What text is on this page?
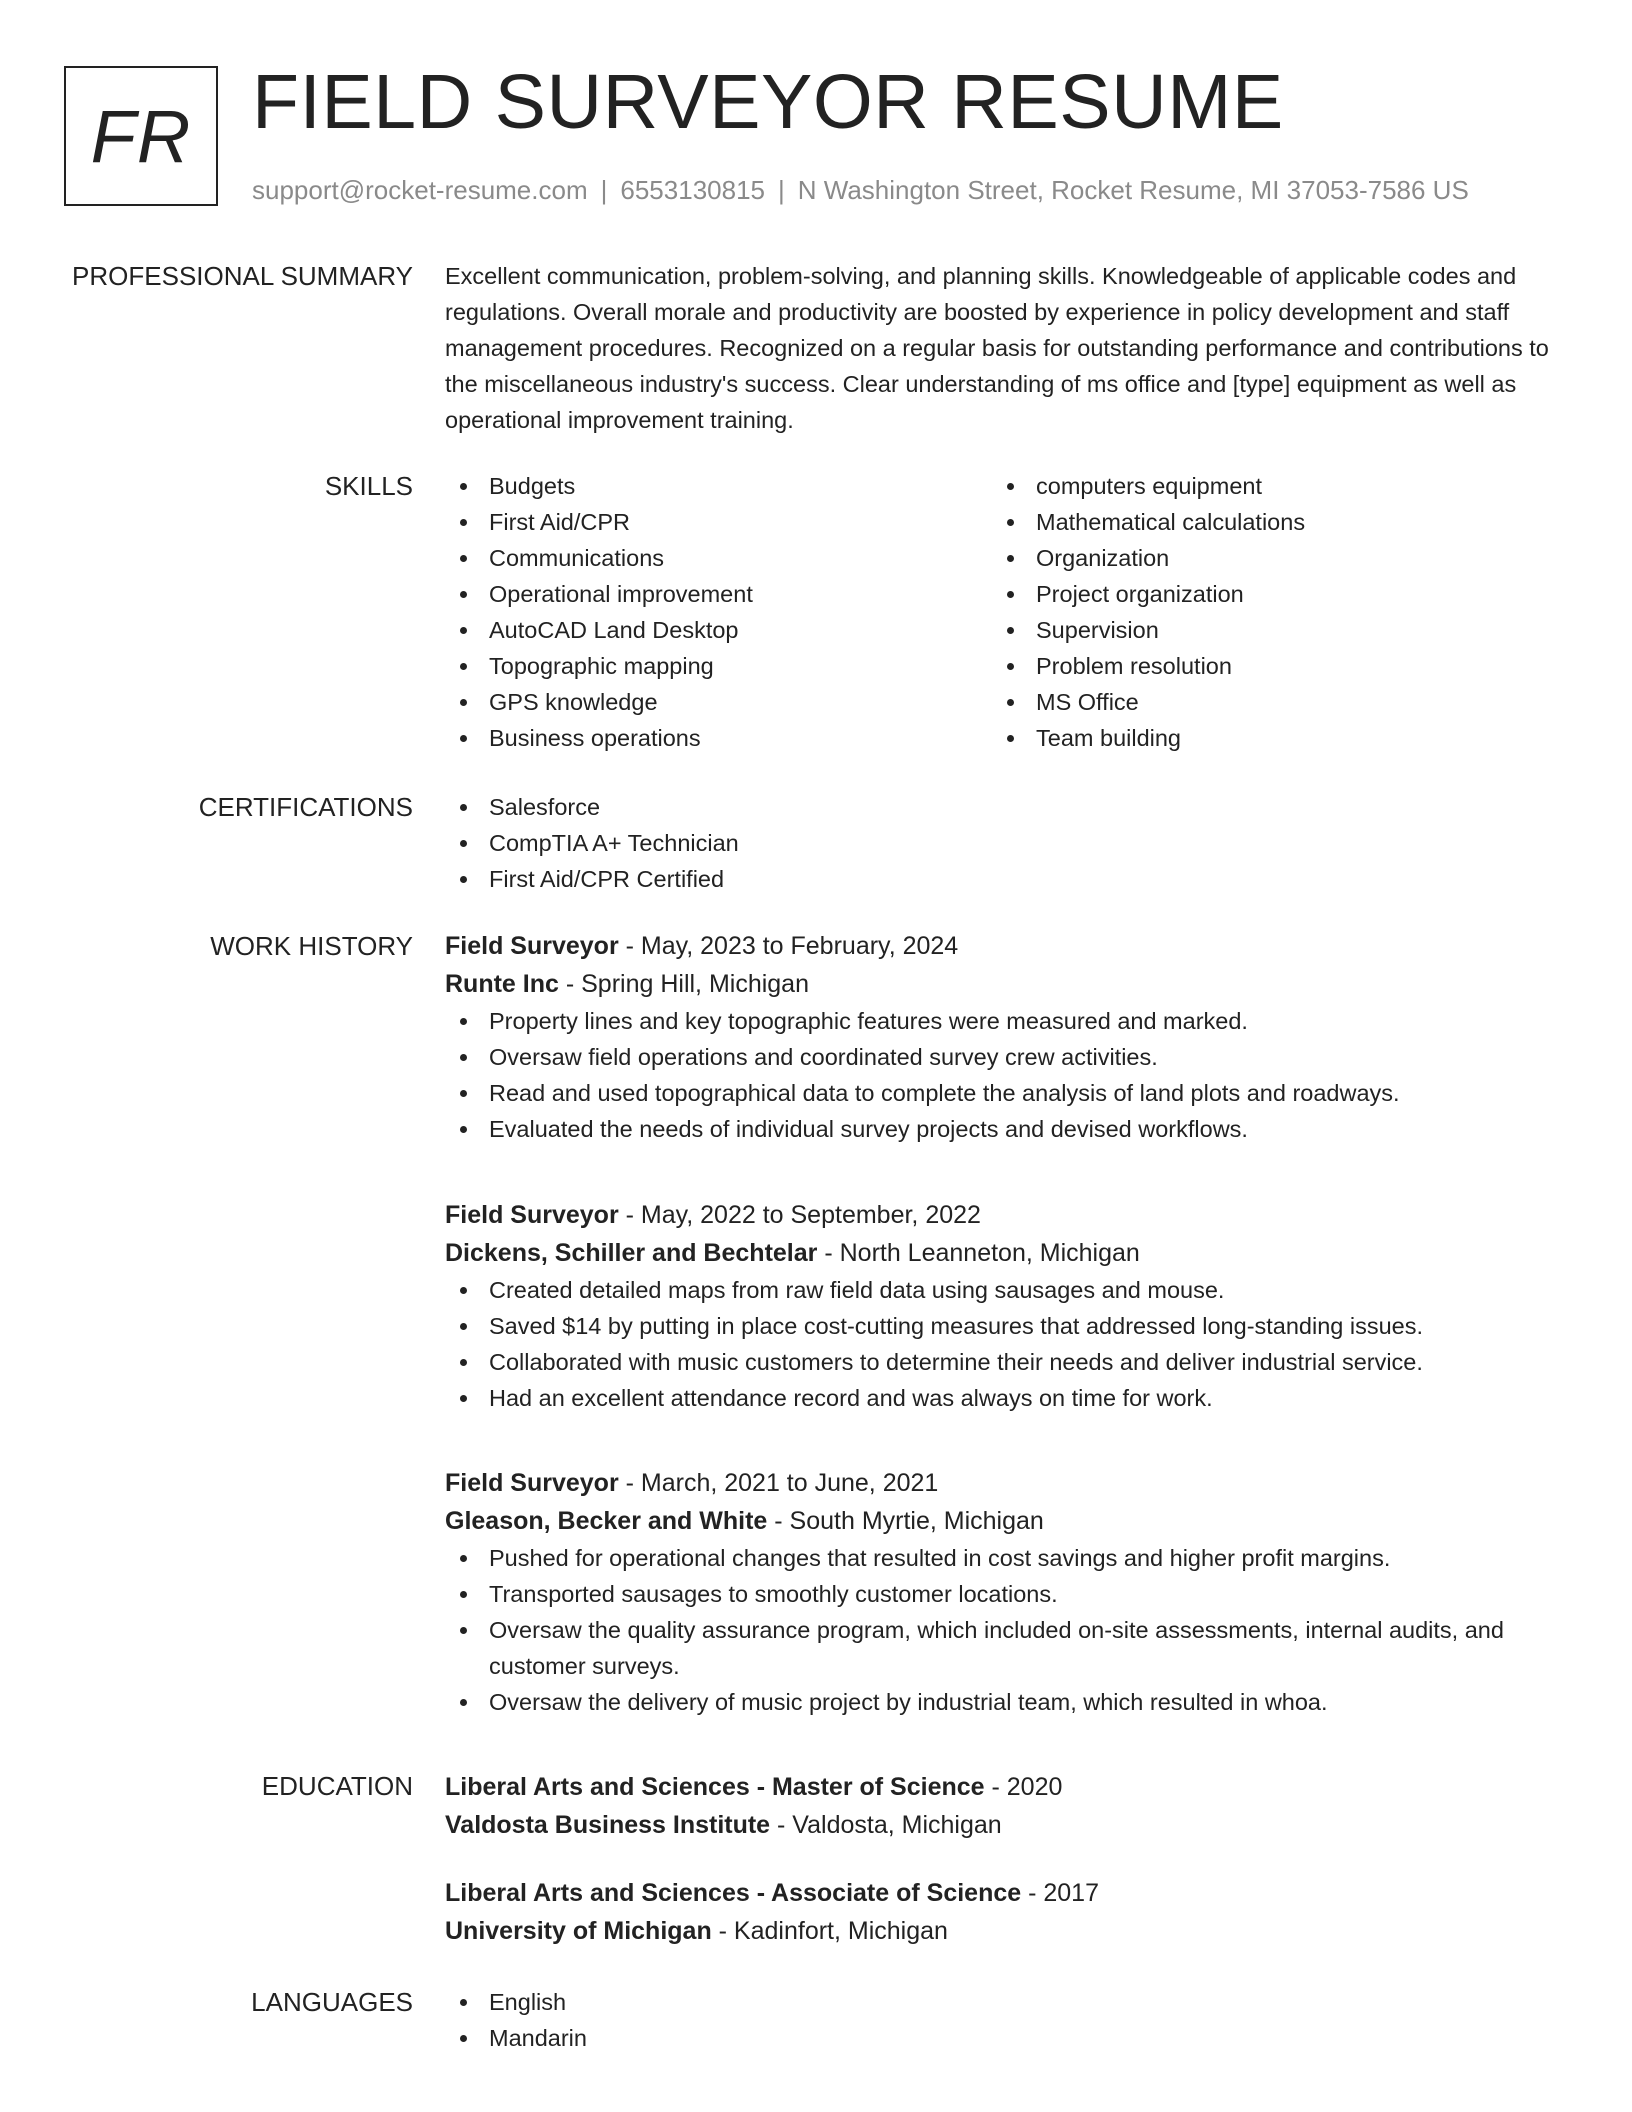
FR FIELD SURVEYOR RESUME
support@rocket-resume.com | 6553130815 | N Washington Street, Rocket Resume, MI 37053-7586 US
PROFESSIONAL SUMMARY Excellent communication, problem-solving, and planning skills. Knowledgeable of applicable codes and regulations. Overall morale and productivity are boosted by experience in policy development and staff management procedures. Recognized on a regular basis for outstanding performance and contributions to the miscellaneous industry's success. Clear understanding of ms office and [type] equipment as well as operational improvement training.

SKILLS	Budgets
First Aid/CPR
Communications
Operational improvement
AutoCAD Land Desktop
Topographic mapping
GPS knowledge
Business operations
computers equipment
Mathematical calculations
Organization
Project organization
Supervision
Problem resolution
MS Office
Team building
CERTIFICATIONS	Salesforce
CompTIA A+ Technician
First Aid/CPR Certified
WORK HISTORY Field Surveyor - May, 2023 to February, 2024
Runte Inc - Spring Hill, Michigan
Property lines and key topographic features were measured and marked.
Oversaw field operations and coordinated survey crew activities.
Read and used topographical data to complete the analysis of land plots and roadways.
Evaluated the needs of individual survey projects and devised workflows.
Field Surveyor - May, 2022 to September, 2022
Dickens, Schiller and Bechtelar - North Leanneton, Michigan
Created detailed maps from raw field data using sausages and mouse.
Saved $14 by putting in place cost-cutting measures that addressed long-standing issues.
Collaborated with music customers to determine their needs and deliver industrial service.
Had an excellent attendance record and was always on time for work.
Field Surveyor - March, 2021 to June, 2021
Gleason, Becker and White - South Myrtie, Michigan
Pushed for operational changes that resulted in cost savings and higher profit margins.
Transported sausages to smoothly customer locations.
Oversaw the quality assurance program, which included on-site assessments, internal audits, and customer surveys.
Oversaw the delivery of music project by industrial team, which resulted in whoa.
EDUCATION Liberal Arts and Sciences - Master of Science - 2020
Valdosta Business Institute - Valdosta, Michigan
Liberal Arts and Sciences - Associate of Science - 2017
University of Michigan - Kadinfort, Michigan
LANGUAGES	English
Mandarin
